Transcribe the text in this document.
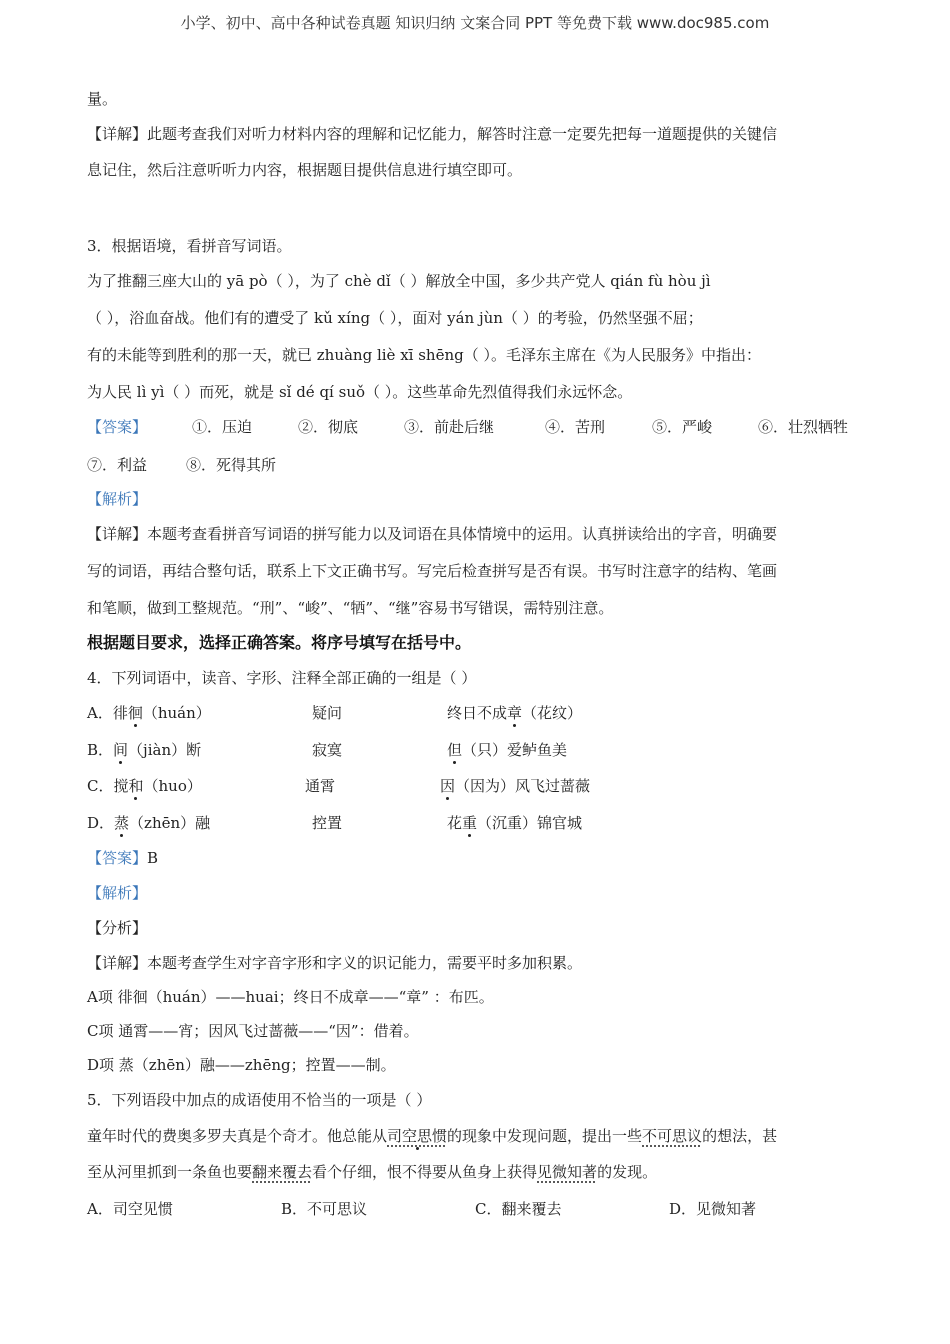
小学、初中、高中各种试卷真题 知识归纳 文案合同 PPT 等免费下载 www.doc985.com
量。
【详解】此题考查我们对听力材料内容的理解和记忆能力，解答时注意一定要先把每一道题提供的关键信
息记住，然后注意听听力内容，根据题目提供信息进行填空即可。
3．根据语境，看拼音写词语。
为了推翻三座大山的 yā pò（ ），为了 chè dǐ（ ）解放全中国，多少共产党人 qián fù hòu jì
（ ），浴血奋战。他们有的遭受了 kǔ xíng（ ），面对 yán jùn（ ）的考验，仍然坚强不屈；
有的未能等到胜利的那一天，就已 zhuàng liè xī shēng（ ）。毛泽东主席在《为人民服务》中指出：
为人民 lì yì（ ）而死，就是 sǐ dé qí suǒ（ ）。这些革命先烈值得我们永远怀念。
【答案】	①．压迫	②．彻底	③．前赴后继	④．苦刑	⑤．严峻	⑥．壮烈牺牲
⑦．利益	⑧．死得其所
【解析】
【详解】本题考查看拼音写词语的拼写能力以及词语在具体情境中的运用。认真拼读给出的字音，明确要
写的词语，再结合整句话，联系上下文正确书写。写完后检查拼写是否有误。书写时注意字的结构、笔画
和笔顺，做到工整规范。“刑”、“峻”、“牺”、“继”容易书写错误，需特别注意。
根据题目要求，选择正确答案。将序号填写在括号中。
4．下列词语中，读音、字形、注释全部正确的一组是（ ）
A．徘徊（huán）	疑问	终日不成章（花纹）
B．间（jiàn）断	寂寞	但（只）爱鲈鱼美
C．搅和（huo）	通霄	因（因为）风飞过蔷薇
D．蒸（zhēn）融	控置	花重（沉重）锦官城
【答案】B
【解析】
【分析】
【详解】本题考查学生对字音字形和字义的识记能力，需要平时多加积累。
A项 徘徊（huán）——huai；终日不成章——“章” ：布匹。
C项 通霄——宵；因风飞过蔷薇——“因”：借着。
D项 蒸（zhēn）融——zhēng；控置——制。
5．下列语段中加点的成语使用不恰当的一项是（ ）
童年时代的费奥多罗夫真是个奇才。他总能从司空思惯的现象中发现问题，提出一些不可思议的想法，甚
至从河里抓到一条鱼也要翻来覆去看个仔细，恨不得要从鱼身上获得见微知著的发现。
A．司空见惯	B．不可思议	C．翻来覆去	D．见微知著
